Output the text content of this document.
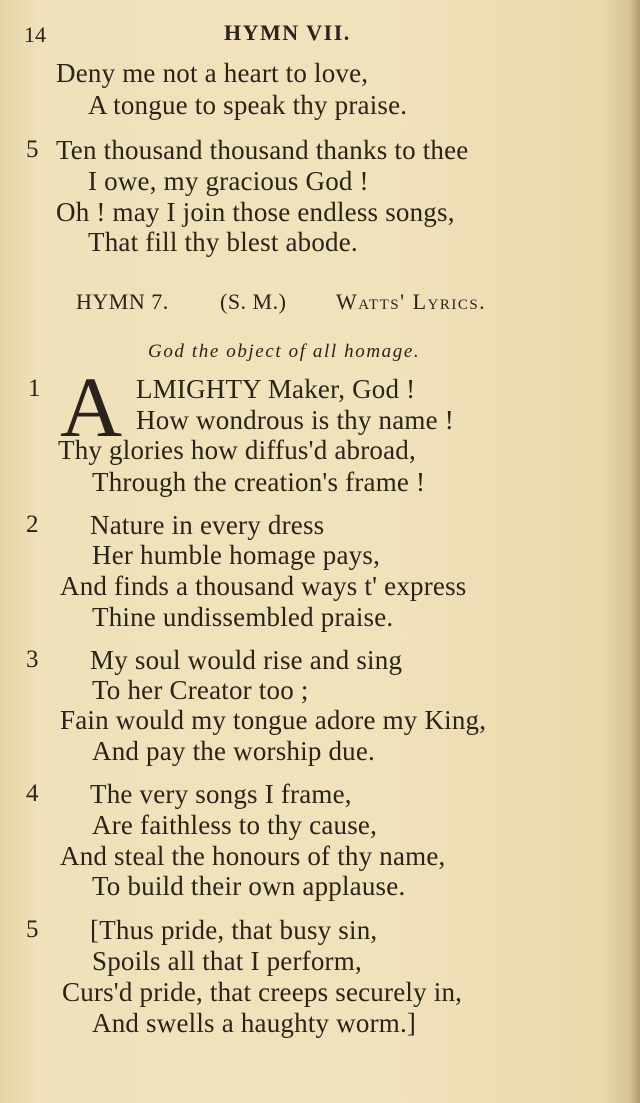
14	HYMN VII.
Deny me not a heart to love,
A tongue to speak thy praise.
5 Ten thousand thousand thanks to thee
I owe, my gracious God !
Oh ! may I join those endless songs,
That fill thy blest abode.
HYMN 7. (S. M.) Watts' Lyrics.
God the object of all homage.
1 A LMIGHTY Maker, God !
How wondrous is thy name !
Thy glories how diffus'd abroad,
Through the creation's frame !
2 Nature in every dress
Her humble homage pays,
And finds a thousand ways t' express
Thine undissembled praise.
3 My soul would rise and sing
To her Creator too ;
Fain would my tongue adore my King,
And pay the worship due.
4 The very songs I frame,
Are faithless to thy cause,
And steal the honours of thy name,
To build their own applause.
5 [Thus pride, that busy sin,
Spoils all that I perform,
Curs'd pride, that creeps securely in,
And swells a haughty worm.]
